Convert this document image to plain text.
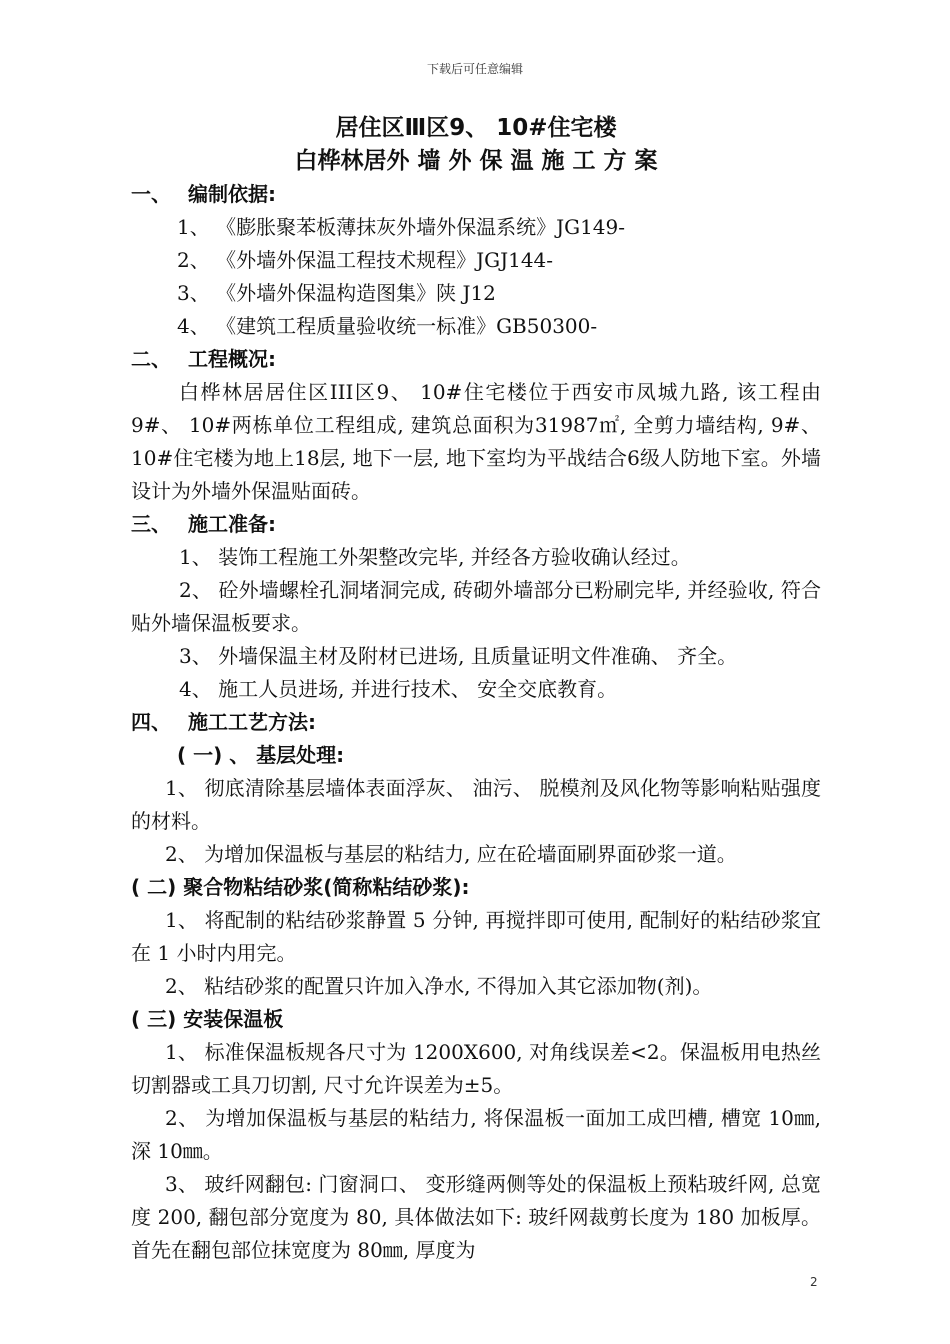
下载后可任意编辑
居住区Ⅲ区9、 10#住宅楼
白桦林居外 墙 外 保 温 施 工 方 案
一、 编制依据:
1、 《膨胀聚苯板薄抹灰外墙外保温系统》JG149-
2、 《外墙外保温工程技术规程》JGJ144-
3、 《外墙外保温构造图集》陕 J12
4、 《建筑工程质量验收统一标准》GB50300-
二、 工程概况:
白桦林居居住区III区9、 10#住宅楼位于西安市凤城九路, 该工程由9#、 10#两栋单位工程组成, 建筑总面积为31987㎡, 全剪力墙结构, 9#、 10#住宅楼为地上18层, 地下一层, 地下室均为平战结合6级人防地下室。外墙设计为外墙外保温贴面砖。
三、 施工准备:
1、 装饰工程施工外架整改完毕, 并经各方验收确认经过。
2、 砼外墙螺栓孔洞堵洞完成, 砖砌外墙部分已粉刷完毕, 并经验收, 符合贴外墙保温板要求。
3、 外墙保温主材及附材已进场, 且质量证明文件准确、 齐全。
4、 施工人员进场, 并进行技术、 安全交底教育。
四、 施工工艺方法:
( 一) 、 基层处理:
1、 彻底清除基层墙体表面浮灰、 油污、 脱模剂及风化物等影响粘贴强度的材料。
2、 为增加保温板与基层的粘结力, 应在砼墙面刷界面砂浆一道。
( 二) 聚合物粘结砂浆(简称粘结砂浆):
1、 将配制的粘结砂浆静置 5 分钟, 再搅拌即可使用, 配制好的粘结砂浆宜在 1 小时内用完。
2、 粘结砂浆的配置只许加入净水, 不得加入其它添加物(剂)。
( 三) 安装保温板
1、 标准保温板规各尺寸为 1200X600, 对角线误差<2。保温板用电热丝切割器或工具刀切割, 尺寸允许误差为±5。
2、 为增加保温板与基层的粘结力, 将保温板一面加工成凹槽, 槽宽 10㎜, 深 10㎜。
3、 玻纤网翻包: 门窗洞口、 变形缝两侧等处的保温板上预粘玻纤网, 总宽度 200, 翻包部分宽度为 80, 具体做法如下: 玻纤网裁剪长度为 180 加板厚。首先在翻包部位抹宽度为 80㎜, 厚度为
2
